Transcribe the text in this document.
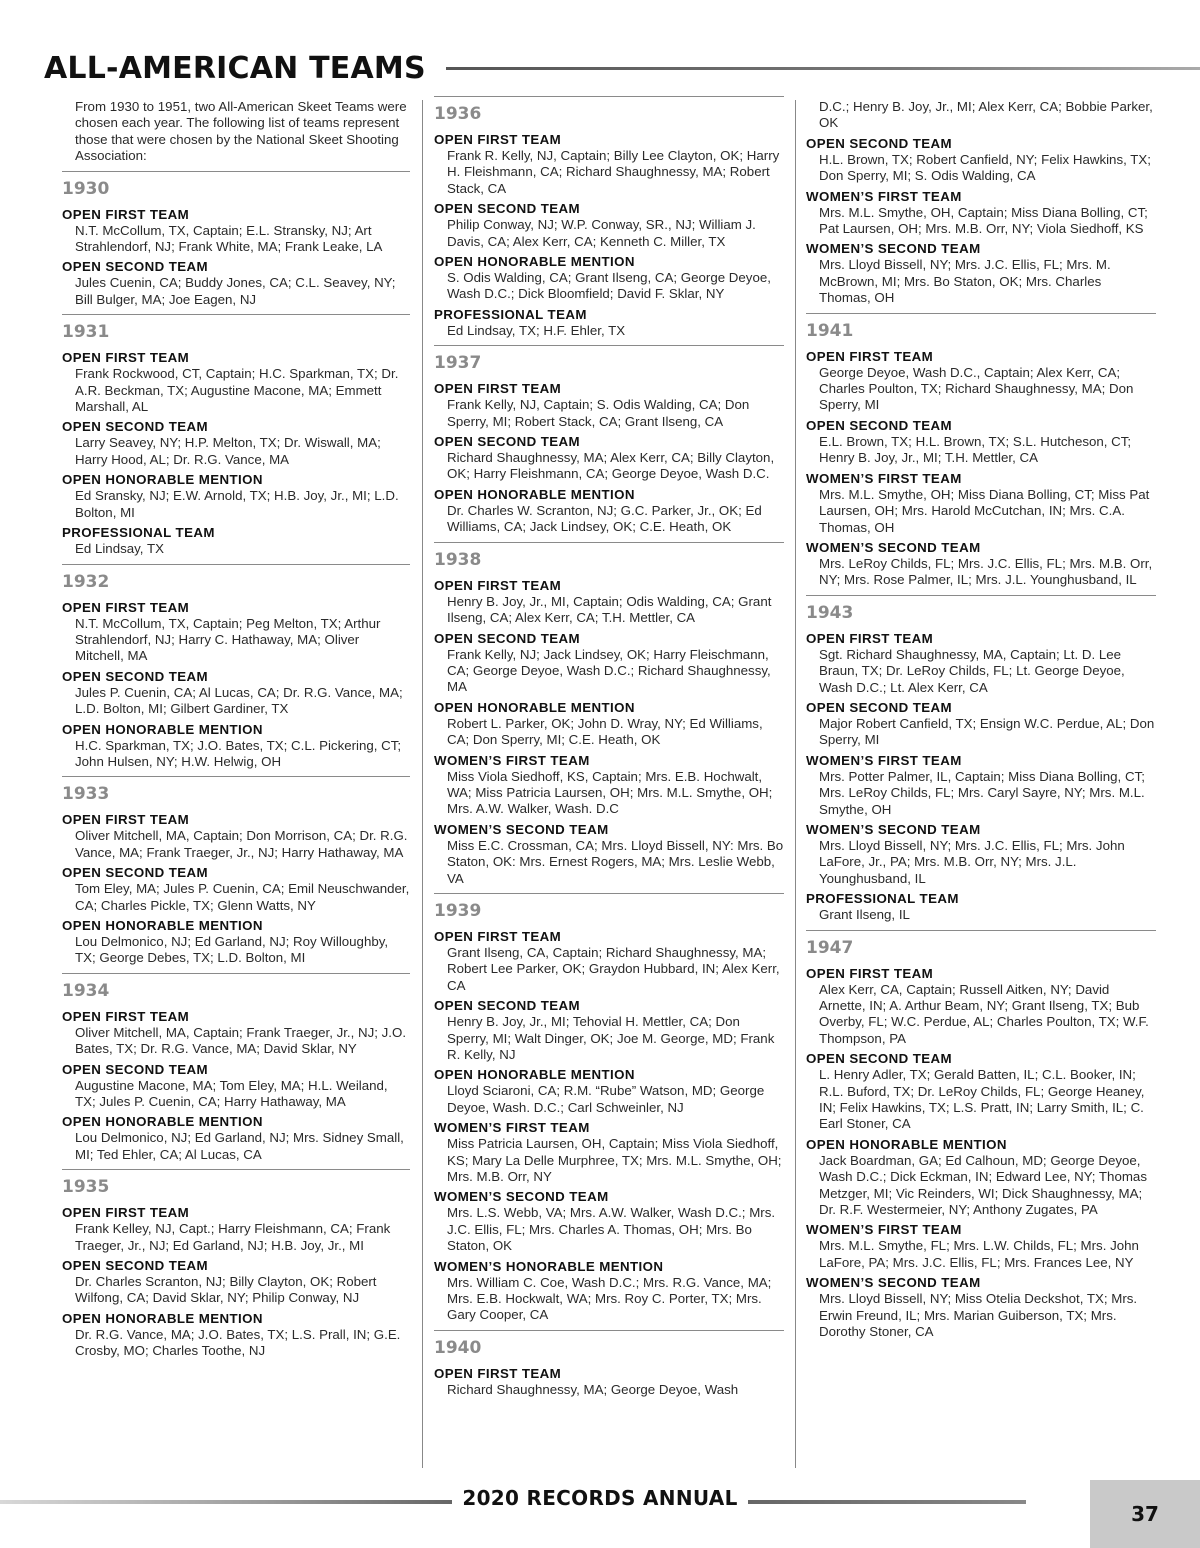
ALL-AMERICAN TEAMS
From 1930 to 1951, two All-American Skeet Teams were chosen each year. The following list of teams represent those that were chosen by the National Skeet Shooting Association:
1930
OPEN FIRST TEAM
N.T. McCollum, TX, Captain; E.L. Stransky, NJ; Art Strahlendorf, NJ; Frank White, MA; Frank Leake, LA
OPEN SECOND TEAM
Jules Cuenin, CA; Buddy Jones, CA; C.L. Seavey, NY; Bill Bulger, MA; Joe Eagen, NJ
1931
OPEN FIRST TEAM
Frank Rockwood, CT, Captain; H.C. Sparkman, TX; Dr. A.R. Beckman, TX; Augustine Macone, MA; Emmett Marshall, AL
OPEN SECOND TEAM
Larry Seavey, NY; H.P. Melton, TX; Dr. Wiswall, MA; Harry Hood, AL; Dr. R.G. Vance, MA
OPEN HONORABLE MENTION
Ed Sransky, NJ; E.W. Arnold, TX; H.B. Joy, Jr., MI; L.D. Bolton, MI
PROFESSIONAL TEAM
Ed Lindsay, TX
1932
OPEN FIRST TEAM
N.T. McCollum, TX, Captain; Peg Melton, TX; Arthur Strahlendorf, NJ; Harry C. Hathaway, MA; Oliver Mitchell, MA
OPEN SECOND TEAM
Jules P. Cuenin, CA; Al Lucas, CA; Dr. R.G. Vance, MA; L.D. Bolton, MI; Gilbert Gardiner, TX
OPEN HONORABLE MENTION
H.C. Sparkman, TX; J.O. Bates, TX; C.L. Pickering, CT; John Hulsen, NY; H.W. Helwig, OH
1933
OPEN FIRST TEAM
Oliver Mitchell, MA, Captain; Don Morrison, CA; Dr. R.G. Vance, MA; Frank Traeger, Jr., NJ; Harry Hathaway, MA
OPEN SECOND TEAM
Tom Eley, MA; Jules P. Cuenin, CA; Emil Neuschwander, CA; Charles Pickle, TX; Glenn Watts, NY
OPEN HONORABLE MENTION
Lou Delmonico, NJ; Ed Garland, NJ; Roy Willoughby, TX; George Debes, TX; L.D. Bolton, MI
1934
OPEN FIRST TEAM
Oliver Mitchell, MA, Captain; Frank Traeger, Jr., NJ; J.O. Bates, TX; Dr. R.G. Vance, MA; David Sklar, NY
OPEN SECOND TEAM
Augustine Macone, MA; Tom Eley, MA; H.L. Weiland, TX; Jules P. Cuenin, CA; Harry Hathaway, MA
OPEN HONORABLE MENTION
Lou Delmonico, NJ; Ed Garland, NJ; Mrs. Sidney Small, MI; Ted Ehler, CA; Al Lucas, CA
1935
OPEN FIRST TEAM
Frank Kelley, NJ, Capt.; Harry Fleishmann, CA; Frank Traeger, Jr., NJ; Ed Garland, NJ; H.B. Joy, Jr., MI
OPEN SECOND TEAM
Dr. Charles Scranton, NJ; Billy Clayton, OK; Robert Wilfong, CA; David Sklar, NY; Philip Conway, NJ
OPEN HONORABLE MENTION
Dr. R.G. Vance, MA; J.O. Bates, TX; L.S. Prall, IN; G.E. Crosby, MO; Charles Toothe, NJ
1936
OPEN FIRST TEAM
Frank R. Kelly, NJ, Captain; Billy Lee Clayton, OK; Harry H. Fleishmann, CA; Richard Shaughnessy, MA; Robert Stack, CA
OPEN SECOND TEAM
Philip Conway, NJ; W.P. Conway, SR., NJ; William J. Davis, CA; Alex Kerr, CA; Kenneth C. Miller, TX
OPEN HONORABLE MENTION
S. Odis Walding, CA; Grant Ilseng, CA; George Deyoe, Wash D.C.; Dick Bloomfield; David F. Sklar, NY
PROFESSIONAL TEAM
Ed Lindsay, TX; H.F. Ehler, TX
1937
OPEN FIRST TEAM
Frank Kelly, NJ, Captain; S. Odis Walding, CA; Don Sperry, MI; Robert Stack, CA; Grant Ilseng, CA
OPEN SECOND TEAM
Richard Shaughnessy, MA; Alex Kerr, CA; Billy Clayton, OK; Harry Fleishmann, CA; George Deyoe, Wash D.C.
OPEN HONORABLE MENTION
Dr. Charles W. Scranton, NJ; G.C. Parker, Jr., OK; Ed Williams, CA; Jack Lindsey, OK; C.E. Heath, OK
1938
OPEN FIRST TEAM
Henry B. Joy, Jr., MI, Captain; Odis Walding, CA; Grant Ilseng, CA; Alex Kerr, CA; T.H. Mettler, CA
OPEN SECOND TEAM
Frank Kelly, NJ; Jack Lindsey, OK; Harry Fleischmann, CA; George Deyoe, Wash D.C.; Richard Shaughnessy, MA
OPEN HONORABLE MENTION
Robert L. Parker, OK; John D. Wray, NY; Ed Williams, CA; Don Sperry, MI; C.E. Heath, OK
WOMEN’S FIRST TEAM
Miss Viola Siedhoff, KS, Captain; Mrs. E.B. Hochwalt, WA; Miss Patricia Laursen, OH; Mrs. M.L. Smythe, OH; Mrs. A.W. Walker, Wash. D.C
WOMEN’S SECOND TEAM
Miss E.C. Crossman, CA; Mrs. Lloyd Bissell, NY: Mrs. Bo Staton, OK: Mrs. Ernest Rogers, MA; Mrs. Leslie Webb, VA
1939
OPEN FIRST TEAM
Grant Ilseng, CA, Captain; Richard Shaughnessy, MA; Robert Lee Parker, OK; Graydon Hubbard, IN; Alex Kerr, CA
OPEN SECOND TEAM
Henry B. Joy, Jr., MI; Tehovial H. Mettler, CA; Don Sperry, MI; Walt Dinger, OK; Joe M. George, MD; Frank R. Kelly, NJ
OPEN HONORABLE MENTION
Lloyd Sciaroni, CA; R.M. “Rube” Watson, MD; George Deyoe, Wash. D.C.; Carl Schweinler, NJ
WOMEN’S FIRST TEAM
Miss Patricia Laursen, OH, Captain; Miss Viola Siedhoff, KS; Mary La Delle Murphree, TX; Mrs. M.L. Smythe, OH; Mrs. M.B. Orr, NY
WOMEN’S SECOND TEAM
Mrs. L.S. Webb, VA; Mrs. A.W. Walker, Wash D.C.; Mrs. J.C. Ellis, FL; Mrs. Charles A. Thomas, OH; Mrs. Bo Staton, OK
WOMEN’S HONORABLE MENTION
Mrs. William C. Coe, Wash D.C.; Mrs. R.G. Vance, MA; Mrs. E.B. Hockwalt, WA; Mrs. Roy C. Porter, TX; Mrs. Gary Cooper, CA
1940
OPEN FIRST TEAM
Richard Shaughnessy, MA; George Deyoe, Wash
D.C.; Henry B. Joy, Jr., MI; Alex Kerr, CA; Bobbie Parker, OK
OPEN SECOND TEAM
H.L. Brown, TX; Robert Canfield, NY; Felix Hawkins, TX; Don Sperry, MI; S. Odis Walding, CA
WOMEN’S FIRST TEAM
Mrs. M.L. Smythe, OH, Captain; Miss Diana Bolling, CT; Pat Laursen, OH; Mrs. M.B. Orr, NY; Viola Siedhoff, KS
WOMEN’S SECOND TEAM
Mrs. Lloyd Bissell, NY; Mrs. J.C. Ellis, FL; Mrs. M. McBrown, MI; Mrs. Bo Staton, OK; Mrs. Charles Thomas, OH
1941
OPEN FIRST TEAM
George Deyoe, Wash D.C., Captain; Alex Kerr, CA; Charles Poulton, TX; Richard Shaughnessy, MA; Don Sperry, MI
OPEN SECOND TEAM
E.L. Brown, TX; H.L. Brown, TX; S.L. Hutcheson, CT; Henry B. Joy, Jr., MI; T.H. Mettler, CA
WOMEN’S FIRST TEAM
Mrs. M.L. Smythe, OH; Miss Diana Bolling, CT; Miss Pat Laursen, OH; Mrs. Harold McCutchan, IN; Mrs. C.A. Thomas, OH
WOMEN’S SECOND TEAM
Mrs. LeRoy Childs, FL; Mrs. J.C. Ellis, FL; Mrs. M.B. Orr, NY; Mrs. Rose Palmer, IL; Mrs. J.L. Younghusband, IL
1943
OPEN FIRST TEAM
Sgt. Richard Shaughnessy, MA, Captain; Lt. D. Lee Braun, TX; Dr. LeRoy Childs, FL; Lt. George Deyoe, Wash D.C.; Lt. Alex Kerr, CA
OPEN SECOND TEAM
Major Robert Canfield, TX; Ensign W.C. Perdue, AL; Don Sperry, MI
WOMEN’S FIRST TEAM
Mrs. Potter Palmer, IL, Captain; Miss Diana Bolling, CT; Mrs. LeRoy Childs, FL; Mrs. Caryl Sayre, NY; Mrs. M.L. Smythe, OH
WOMEN’S SECOND TEAM
Mrs. Lloyd Bissell, NY; Mrs. J.C. Ellis, FL; Mrs. John LaFore, Jr., PA; Mrs. M.B. Orr, NY; Mrs. J.L. Younghusband, IL
PROFESSIONAL TEAM
Grant Ilseng, IL
1947
OPEN FIRST TEAM
Alex Kerr, CA, Captain; Russell Aitken, NY; David Arnette, IN; A. Arthur Beam, NY; Grant Ilseng, TX; Bub Overby, FL; W.C. Perdue, AL; Charles Poulton, TX; W.F. Thompson, PA
OPEN SECOND TEAM
L. Henry Adler, TX; Gerald Batten, IL; C.L. Booker, IN; R.L. Buford, TX; Dr. LeRoy Childs, FL; George Heaney, IN; Felix Hawkins, TX; L.S. Pratt, IN; Larry Smith, IL; C. Earl Stoner, CA
OPEN HONORABLE MENTION
Jack Boardman, GA; Ed Calhoun, MD; George Deyoe, Wash D.C.; Dick Eckman, IN; Edward Lee, NY; Thomas Metzger, MI; Vic Reinders, WI; Dick Shaughnessy, MA; Dr. R.F. Westermeier, NY; Anthony Zugates, PA
WOMEN’S FIRST TEAM
Mrs. M.L. Smythe, FL; Mrs. L.W. Childs, FL; Mrs. John LaFore, PA; Mrs. J.C. Ellis, FL; Mrs. Frances Lee, NY
WOMEN’S SECOND TEAM
Mrs. Lloyd Bissell, NY; Miss Otelia Deckshot, TX; Mrs. Erwin Freund, IL; Mrs. Marian Guiberson, TX; Mrs. Dorothy Stoner, CA
2020 RECORDS ANNUAL
37
